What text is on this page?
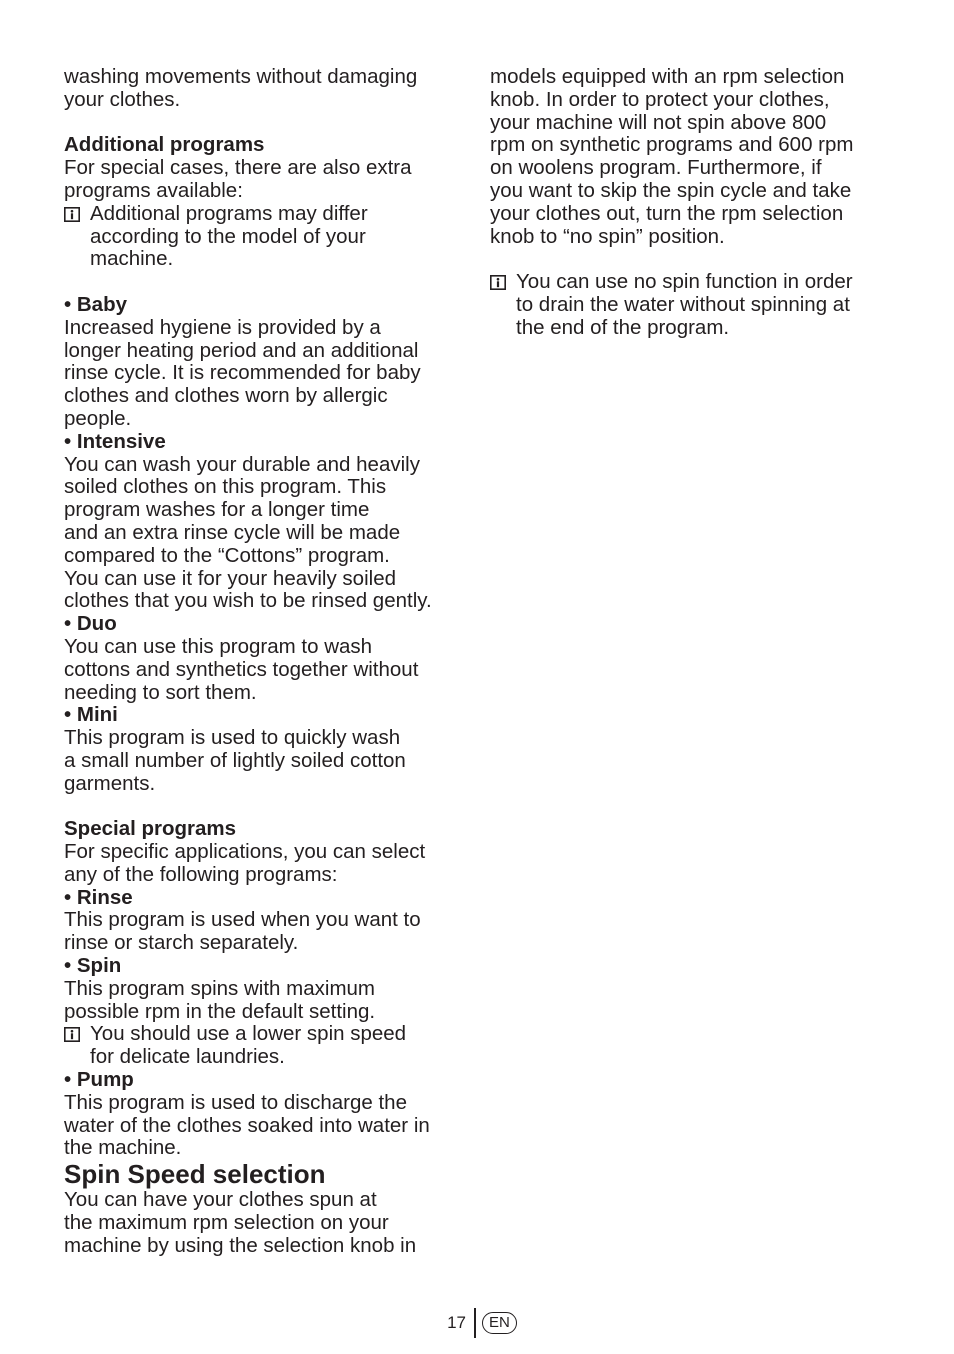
washing movements without damaging

your clothes.

Additional programs

For special cases, there are also extra

programs available:

Additional programs may differ

according to the model of your

machine.

• Baby

Increased hygiene is provided by a

longer heating period and an additional

rinse cycle. It is recommended for baby

clothes and clothes worn by allergic

people.

• Intensive

You can wash your durable and heavily

soiled clothes on this program. This

program washes for a longer time

and an extra rinse cycle will be made

compared to the “Cottons” program.

You can use it for your heavily soiled

clothes that you wish to be rinsed gently.

• Duo

You can use this program to wash

cottons and synthetics together without

needing to sort them.

• Mini

This program is used to quickly wash

a small number of lightly soiled cotton

garments.

Special programs

For specific applications, you can select

any of the following programs:

• Rinse

This program is used when you want to

rinse or starch separately.

• Spin

This program spins with maximum

possible rpm in the default setting.

You should use a lower spin speed

for delicate laundries.

• Pump

This program is used to discharge the

water of the clothes soaked into water in

the machine.

Spin Speed selection

You can have your clothes spun at

the maximum rpm selection on your

machine by using the selection knob in

models equipped with an rpm selection

knob. In order to protect your clothes,

your machine will not spin above 800

rpm on synthetic programs and 600 rpm

on woolens program. Furthermore, if

you want to skip the spin cycle and take

your clothes out, turn the rpm selection

knob to “no spin” position.

You can use no spin function in order

to drain the water without spinning at

the end of the program.

17	EN
